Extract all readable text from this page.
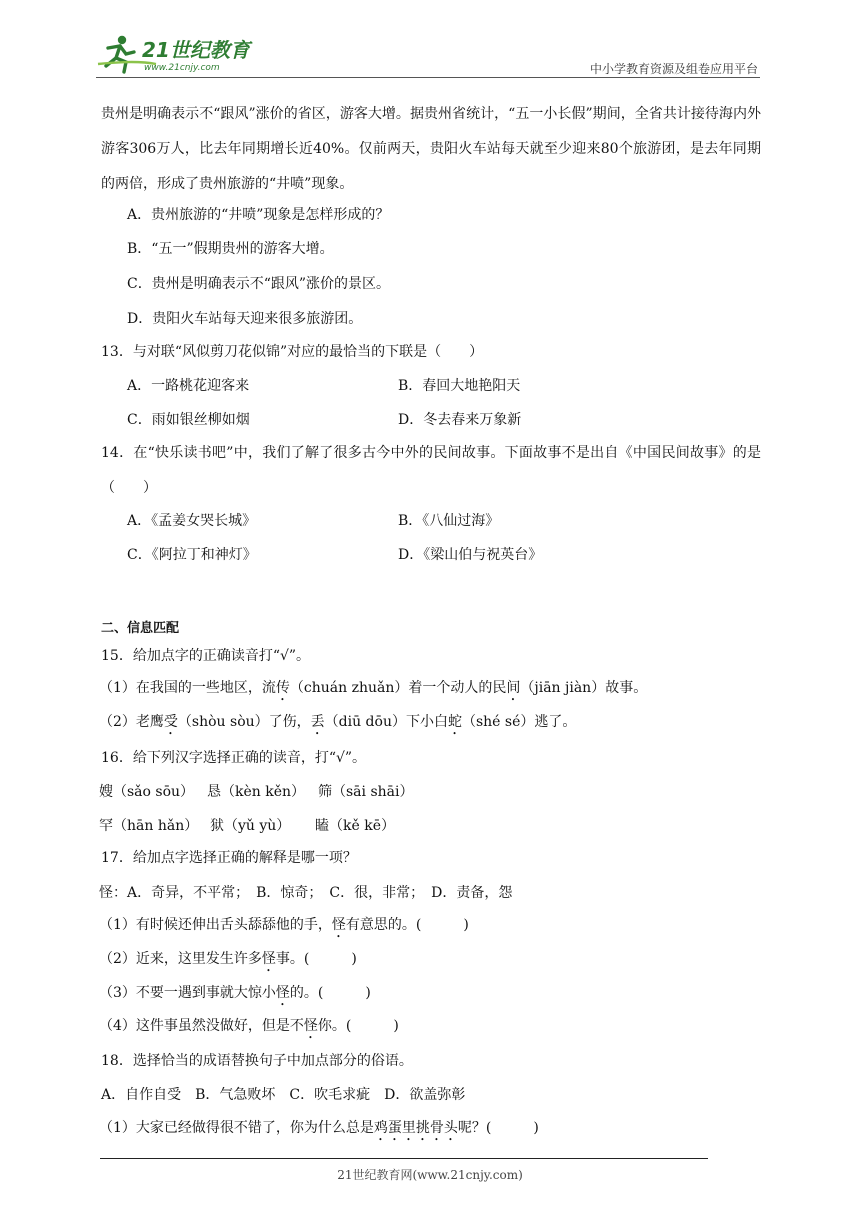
21世纪教育
www.21cnjy.com	中小学教育资源及组卷应用平台
贵州是明确表示不“跟风”涨价的省区，游客大增。据贵州省统计，“五一小长假”期间，全省共计接待海内外游客306万人，比去年同期增长近40%。仅前两天，贵阳火车站每天就至少迎来80个旅游团，是去年同期的两倍，形成了贵州旅游的“井喷”现象。
A．贵州旅游的“井喷”现象是怎样形成的？
B．“五一”假期贵州的游客大增。
C．贵州是明确表示不“跟风”涨价的景区。
D．贵阳火车站每天迎来很多旅游团。
13．与对联“风似剪刀花似锦”对应的最恰当的下联是（　　）
A．一路桃花迎客来	B．春回大地艳阳天
C．雨如银丝柳如烟	D．冬去春来万象新
14．在“快乐读书吧”中，我们了解了很多古今中外的民间故事。下面故事不是出自《中国民间故事》的是（　　）
A．《孟姜女哭长城》	B．《八仙过海》
C．《阿拉丁和神灯》	D．《梁山伯与祝英台》
二、信息匹配
15．给加点字的正确读音打“√”。
（1）在我国的一些地区，流传（chuán zhuǎn）着一个动人的民间（jiān jiàn）故事。
（2）老鹰受（shòu sòu）了伤，丢（diū dōu）下小白蛇（shé sé）逃了。
16．给下列汉字选择正确的读音，打“√”。
嫂（sǎo sōu） 恳（kèn kěn） 筛（sāi shāi）
罕（hān hǎn） 狱（yǔ yù） 瞌（kě kē）
17．给加点字选择正确的解释是哪一项？
怪：A．奇异，不平常；　B．惊奇；　C．很，非常；　D．责备，怨
（1）有时候还伸出舌头舔舔他的手，怪有意思的。(　　　)
（2）近来，这里发生许多怪事。(　　　)
（3）不要一遇到事就大惊小怪的。(　　　)
（4）这件事虽然没做好，但是不怪你。(　　　)
18．选择恰当的成语替换句子中加点部分的俗语。
A．自作自受　B．气急败坏　C．吹毛求疵　D．欲盖弥彰
（1）大家已经做得很不错了，你为什么总是鸡蛋里挑骨头呢？(　　　)
21世纪教育网(www.21cnjy.com)
